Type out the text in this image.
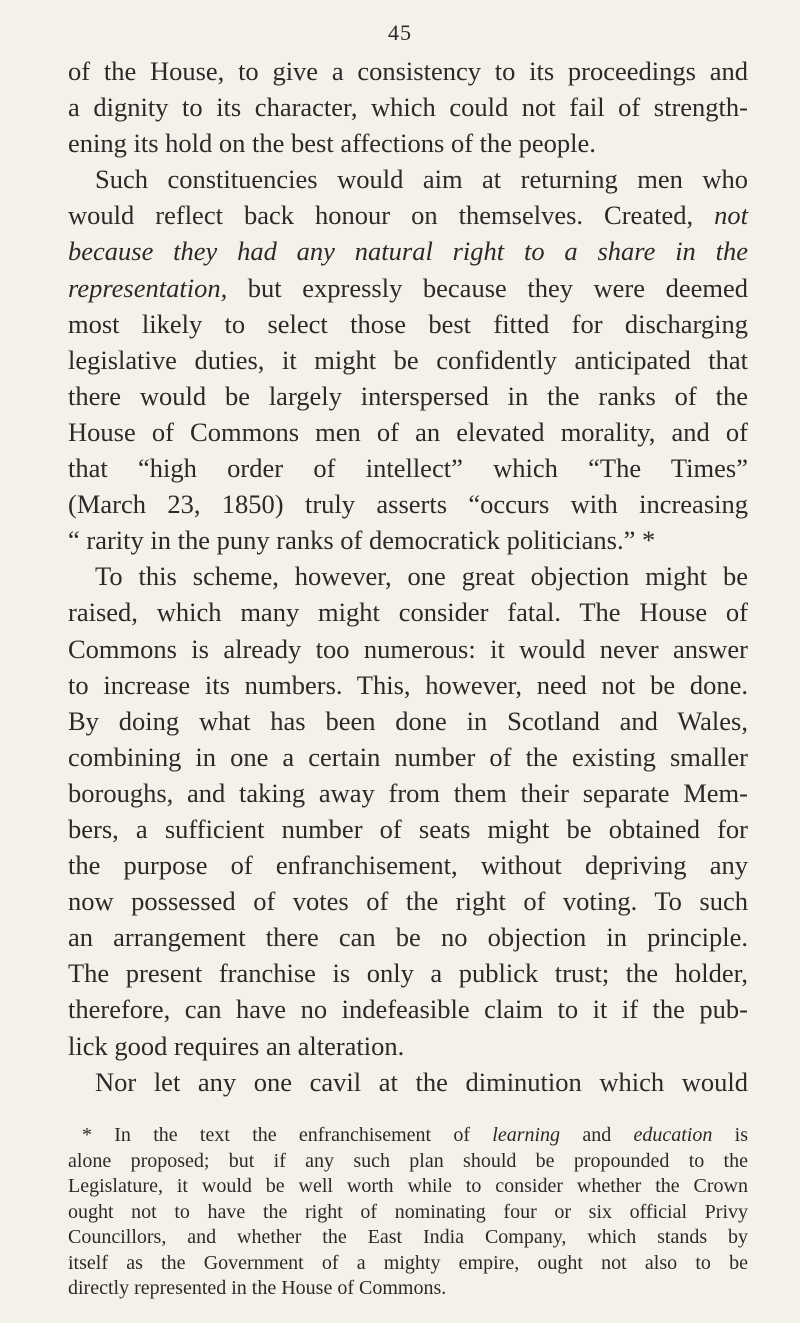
45
of the House, to give a consistency to its proceedings and
a dignity to its character, which could not fail of strength-
ening its hold on the best affections of the people.
Such constituencies would aim at returning men who
would reflect back honour on themselves. Created, not
because they had any natural right to a share in the
representation, but expressly because they were deemed
most likely to select those best fitted for discharging
legislative duties, it might be confidently anticipated that
there would be largely interspersed in the ranks of the
House of Commons men of an elevated morality, and of
that “high order of intellect” which “The Times”
(March 23, 1850) truly asserts “occurs with increasing
“ rarity in the puny ranks of democratick politicians.” *
To this scheme, however, one great objection might be
raised, which many might consider fatal. The House of
Commons is already too numerous: it would never answer
to increase its numbers. This, however, need not be done.
By doing what has been done in Scotland and Wales,
combining in one a certain number of the existing smaller
boroughs, and taking away from them their separate Mem-
bers, a sufficient number of seats might be obtained for
the purpose of enfranchisement, without depriving any
now possessed of votes of the right of voting. To such
an arrangement there can be no objection in principle.
The present franchise is only a publick trust; the holder,
therefore, can have no indefeasible claim to it if the pub-
lick good requires an alteration.
Nor let any one cavil at the diminution which would
* In the text the enfranchisement of learning and education is
alone proposed; but if any such plan should be propounded to the
Legislature, it would be well worth while to consider whether the Crown
ought not to have the right of nominating four or six official Privy
Councillors, and whether the East India Company, which stands by
itself as the Government of a mighty empire, ought not also to be
directly represented in the House of Commons.
